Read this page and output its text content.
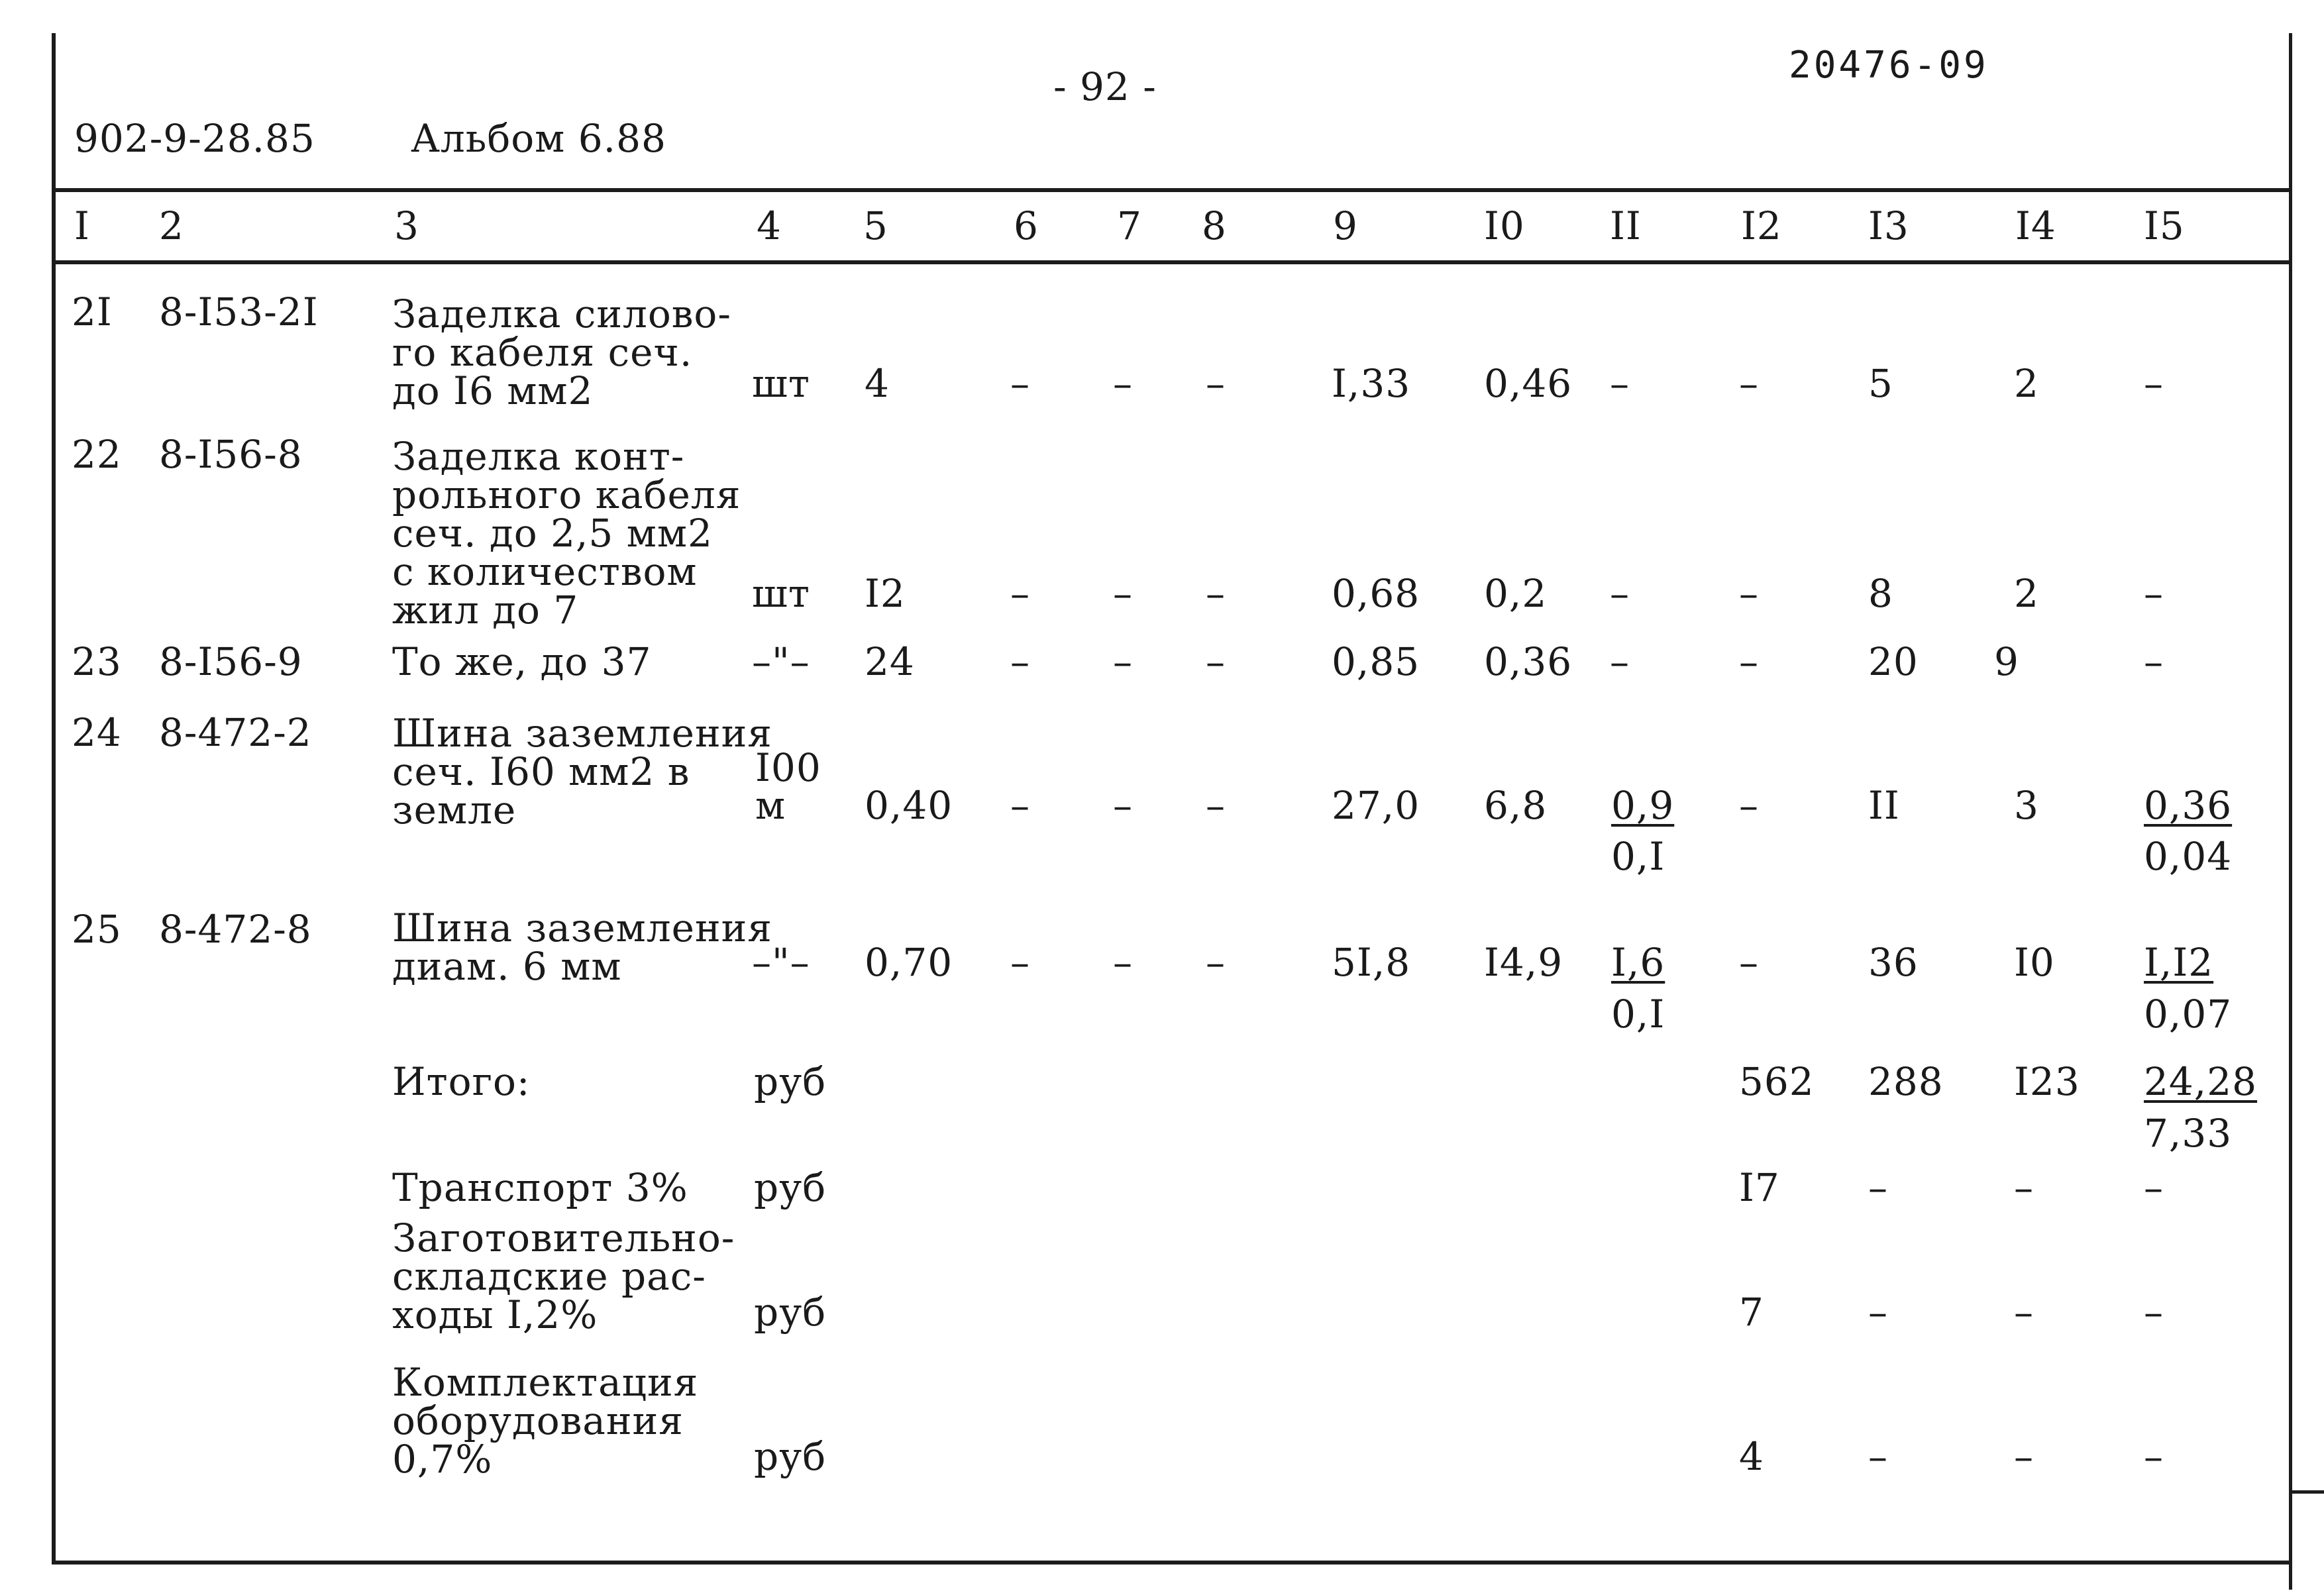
902-9-28.85 Альбом 6.88
- 92 -	20476-09
I 2	3	4 5	6 7 8	9	I0 II	I2 I3	I4 I5
2I 8-I53-2I Заделка силово-
го кабеля сеч.
до I6 мм2	шт 4	– – –	I,33 0,46 –	–	5	2	–
22 8-I56-8 Заделка конт-
рольного кабеля
сеч. до 2,5 мм2
с количеством
жил до 7	шт I2	– – –	0,68 0,2 –	–	8	2	–
23 8-I56-9 То же, до 37	–"– 24 – – –	0,85 0,36 –	–	20 9	–
24 8-472-2 Шина заземления
сеч. I60 мм2 в
земле
I00
м 0,40 – – –	27,0 6,8 0,9
0,I
–	II	3	0,36
0,04
25 8-472-8 Шина заземления
диам. 6 мм	–"– 0,70 – – –	5I,8 I4,9 I,6
0,I
–	36 I0 I,I2
0,07
Итого:	руб	562 288 I23 24,28
7,33
Транспорт 3% руб	I7 –	–	–
Заготовительно-
складские рас-
ходы I,2%	руб	7	–	–	–
Комплектация
оборудования
0,7%	руб	4	–	–	–
